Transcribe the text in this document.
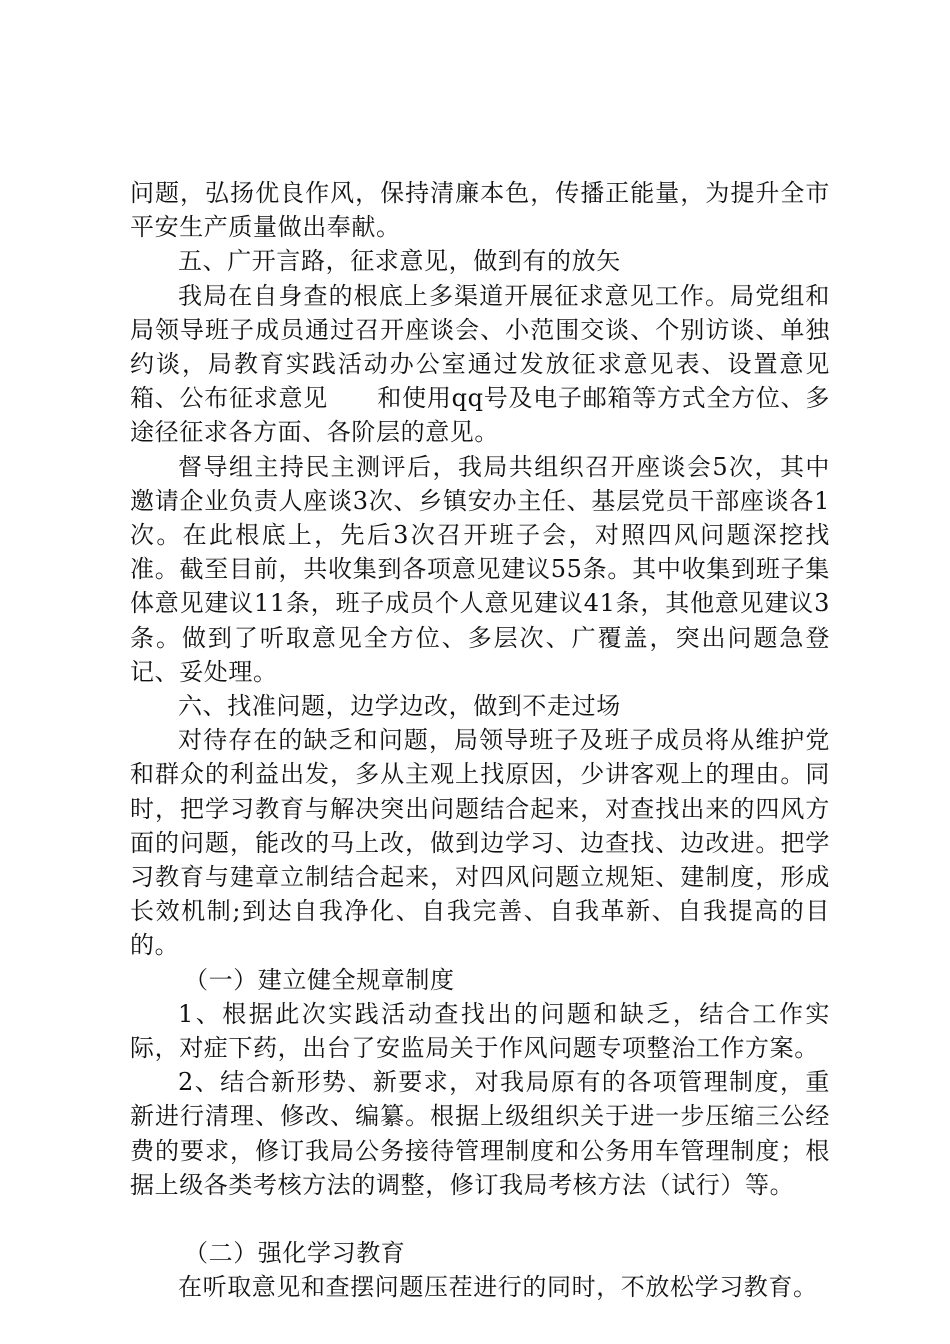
问题，弘扬优良作风，保持清廉本色，传播正能量，为提升全市平安生产质量做出奉献。

五、广开言路，征求意见，做到有的放矢

我局在自身查的根底上多渠道开展征求意见工作。局党组和局领导班子成员通过召开座谈会、小范围交谈、个别访谈、单独约谈，局教育实践活动办公室通过发放征求意见表、设置意见箱、公布征求意见　　和使用qq号及电子邮箱等方式全方位、多途径征求各方面、各阶层的意见。

督导组主持民主测评后，我局共组织召开座谈会5次，其中邀请企业负责人座谈3次、乡镇安办主任、基层党员干部座谈各1次。在此根底上，先后3次召开班子会，对照四风问题深挖找准。截至目前，共收集到各项意见建议55条。其中收集到班子集体意见建议11条，班子成员个人意见建议41条，其他意见建议3条。做到了听取意见全方位、多层次、广覆盖，突出问题急登记、妥处理。

六、找准问题，边学边改，做到不走过场

对待存在的缺乏和问题，局领导班子及班子成员将从维护党和群众的利益出发，多从主观上找原因，少讲客观上的理由。同时，把学习教育与解决突出问题结合起来，对查找出来的四风方面的问题，能改的马上改，做到边学习、边查找、边改进。把学习教育与建章立制结合起来，对四风问题立规矩、建制度，形成长效机制;到达自我净化、自我完善、自我革新、自我提高的目的。

（一）建立健全规章制度

1、根据此次实践活动查找出的问题和缺乏，结合工作实际，对症下药，出台了安监局关于作风问题专项整治工作方案。

2、结合新形势、新要求，对我局原有的各项管理制度，重新进行清理、修改、编纂。根据上级组织关于进一步压缩三公经费的要求，修订我局公务接待管理制度和公务用车管理制度；根据上级各类考核方法的调整，修订我局考核方法（试行）等。

（二）强化学习教育

在听取意见和查摆问题压茬进行的同时，不放松学习教育。
